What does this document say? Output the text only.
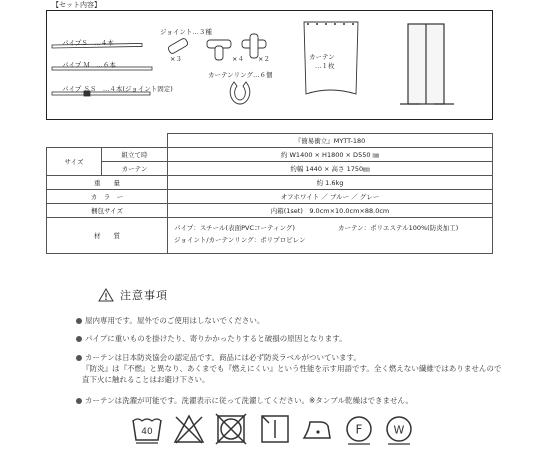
【セット内容】
パイプＳ　…４本
パイプ Ｍ　…６本
パイプ ＳＳ　…４本(ジョイント固定)
ジョイント…３種
×３	×４ ×２
カーテンリング…６個
カーテン
…１枚
		『簡易衝立』MYTT-180
サイズ	組立て時	約 W1400 × H1800 × D550 ㎜
	カーテン	約幅 1440 × 高さ 1750㎜
重　　量		約 1.6kg
カ　ラ　ー		オフホワイト ／ ブルー ／ グレー
梱包サイズ		内箱(1set)　9.0cm×10.0cm×88.0cm
材　　質		パイプ：スチール(表面PVCコーティング) カーテン：ポリエステル100%(防炎加工)
ジョイント/カーテンリング：ポリプロピレン
注意事項
屋内専用です。屋外でのご使用はしないでください。
パイプに重いものを掛けたり、寄りかかったりすると破損の原因となります。
カーテンは日本防炎協会の認定品です。商品には必ず防炎ラベルがついています。
『防炎』は『不燃』と異なり、あくまでも『燃えにくい』という性能を示す用語です。全く燃えない繊維ではありませんので
直下火に触れることはお避け下さい。
カーテンは洗濯が可能です。洗濯表示に従って洗濯してください。※タンブル乾燥はできません。
40	F	W
